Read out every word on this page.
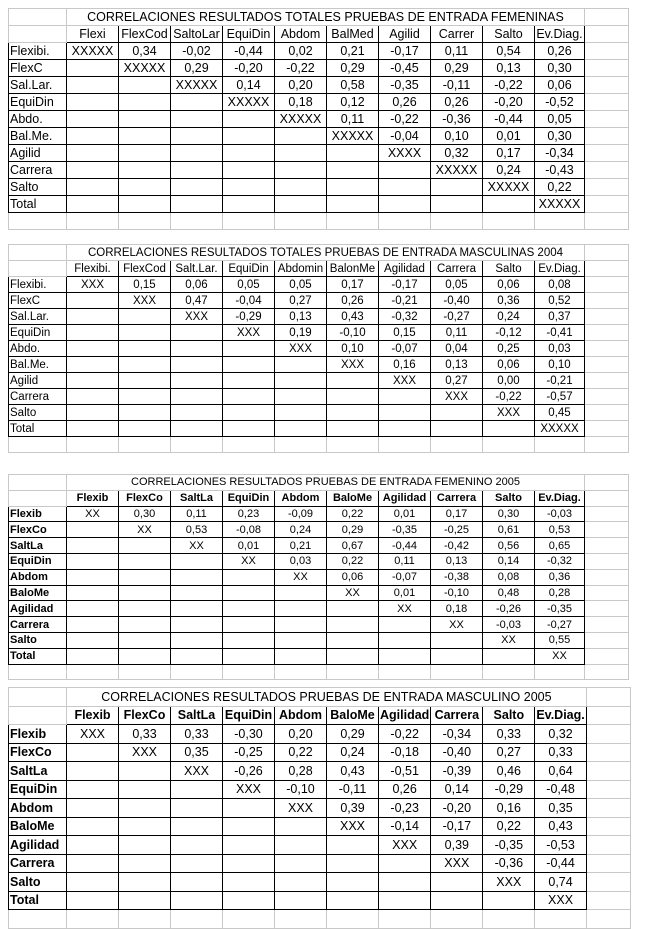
	CORRELACIONES RESULTADOS TOTALES PRUEBAS DE ENTRADA FEMENINAS										
	Flexi	FlexCod	SaltoLar	EquiDin	Abdom	BalMed	Agilid	Carrer	Salto	Ev.Diag.	
Flexibi.	XXXXX	0,34	-0,02	-0,44	0,02	0,21	-0,17	0,11	0,54	0,26	
FlexC		XXXXX	0,29	-0,20	-0,22	0,29	-0,45	0,29	0,13	0,30	
Sal.Lar.			XXXXX	0,14	0,20	0,58	-0,35	-0,11	-0,22	0,06	
EquiDin				XXXXX	0,18	0,12	0,26	0,26	-0,20	-0,52	
Abdo.					XXXXX	0,11	-0,22	-0,36	-0,44	0,05	
Bal.Me.						XXXXX	-0,04	0,10	0,01	0,30	
Agilid							XXXX	0,32	0,17	-0,34	
Carrera								XXXXX	0,24	-0,43	
Salto									XXXXX	0,22	
Total										XXXXX	

	CORRELACIONES RESULTADOS TOTALES PRUEBAS DE ENTRADA MASCULINAS 2004										
	Flexibi.	FlexCod	Salt.Lar.	EquiDin	Abdomin	BalonMe	Agilidad	Carrera	Salto	Ev.Diag.	
Flexibi.	XXX	0,15	0,06	0,05	0,05	0,17	-0,17	0,05	0,06	0,08	
FlexC		XXX	0,47	-0,04	0,27	0,26	-0,21	-0,40	0,36	0,52	
Sal.Lar.			XXX	-0,29	0,13	0,43	-0,32	-0,27	0,24	0,37	
EquiDin				XXX	0,19	-0,10	0,15	0,11	-0,12	-0,41	
Abdo.					XXX	0,10	-0,07	0,04	0,25	0,03	
Bal.Me.						XXX	0,16	0,13	0,06	0,10	
Agilid							XXX	0,27	0,00	-0,21	
Carrera								XXX	-0,22	-0,57	
Salto									XXX	0,45	
Total										XXXXX	

	CORRELACIONES RESULTADOS PRUEBAS DE ENTRADA FEMENINO 2005										
	Flexib	FlexCo	SaltLa	EquiDin	Abdom	BaloMe	Agilidad	Carrera	Salto	Ev.Diag.	
Flexib	XX	0,30	0,11	0,23	-0,09	0,22	0,01	0,17	0,30	-0,03	
FlexCo		XX	0,53	-0,08	0,24	0,29	-0,35	-0,25	0,61	0,53	
SaltLa			XX	0,01	0,21	0,67	-0,44	-0,42	0,56	0,65	
EquiDin				XX	0,03	0,22	0,11	0,13	0,14	-0,32	
Abdom					XX	0,06	-0,07	-0,38	0,08	0,36	
BaloMe						XX	0,01	-0,10	0,48	0,28	
Agilidad							XX	0,18	-0,26	-0,35	
Carrera								XX	-0,03	-0,27	
Salto									XX	0,55	
Total										XX	

	CORRELACIONES RESULTADOS PRUEBAS DE ENTRADA MASCULINO 2005										
	Flexib	FlexCo	SaltLa	EquiDin	Abdom	BaloMe	Agilidad	Carrera	Salto	Ev.Diag.	
Flexib	XXX	0,33	0,33	-0,30	0,20	0,29	-0,22	-0,34	0,33	0,32	
FlexCo		XXX	0,35	-0,25	0,22	0,24	-0,18	-0,40	0,27	0,33	
SaltLa			XXX	-0,26	0,28	0,43	-0,51	-0,39	0,46	0,64	
EquiDin				XXX	-0,10	-0,11	0,26	0,14	-0,29	-0,48	
Abdom					XXX	0,39	-0,23	-0,20	0,16	0,35	
BaloMe						XXX	-0,14	-0,17	0,22	0,43	
Agilidad							XXX	0,39	-0,35	-0,53	
Carrera								XXX	-0,36	-0,44	
Salto									XXX	0,74	
Total										XXX	
